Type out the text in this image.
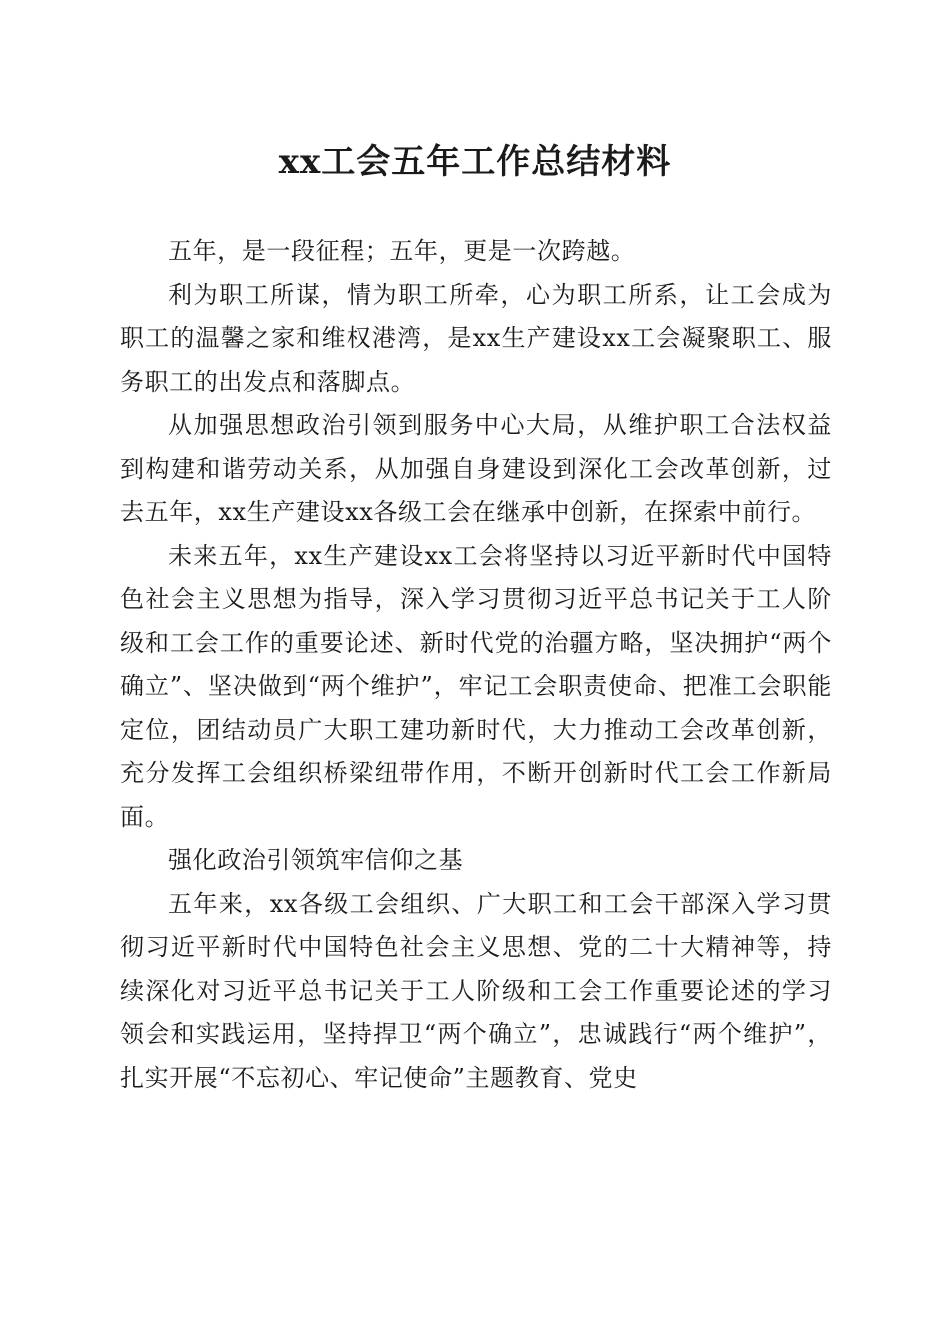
xx工会五年工作总结材料

五年，是一段征程；五年，更是一次跨越。

利为职工所谋，情为职工所牵，心为职工所系，让工会成为职工的温馨之家和维权港湾，是xx生产建设xx工会凝聚职工、服务职工的出发点和落脚点。

从加强思想政治引领到服务中心大局，从维护职工合法权益到构建和谐劳动关系，从加强自身建设到深化工会改革创新，过去五年，xx生产建设xx各级工会在继承中创新，在探索中前行。

未来五年，xx生产建设xx工会将坚持以习近平新时代中国特色社会主义思想为指导，深入学习贯彻习近平总书记关于工人阶级和工会工作的重要论述、新时代党的治疆方略，坚决拥护“两个确立”、坚决做到“两个维护”，牢记工会职责使命、把准工会职能定位，团结动员广大职工建功新时代，大力推动工会改革创新，充分发挥工会组织桥梁纽带作用，不断开创新时代工会工作新局面。

强化政治引领筑牢信仰之基

五年来，xx各级工会组织、广大职工和工会干部深入学习贯彻习近平新时代中国特色社会主义思想、党的二十大精神等，持续深化对习近平总书记关于工人阶级和工会工作重要论述的学习领会和实践运用，坚持捍卫“两个确立”，忠诚践行“两个维护”，扎实开展“不忘初心、牢记使命”主题教育、党史
